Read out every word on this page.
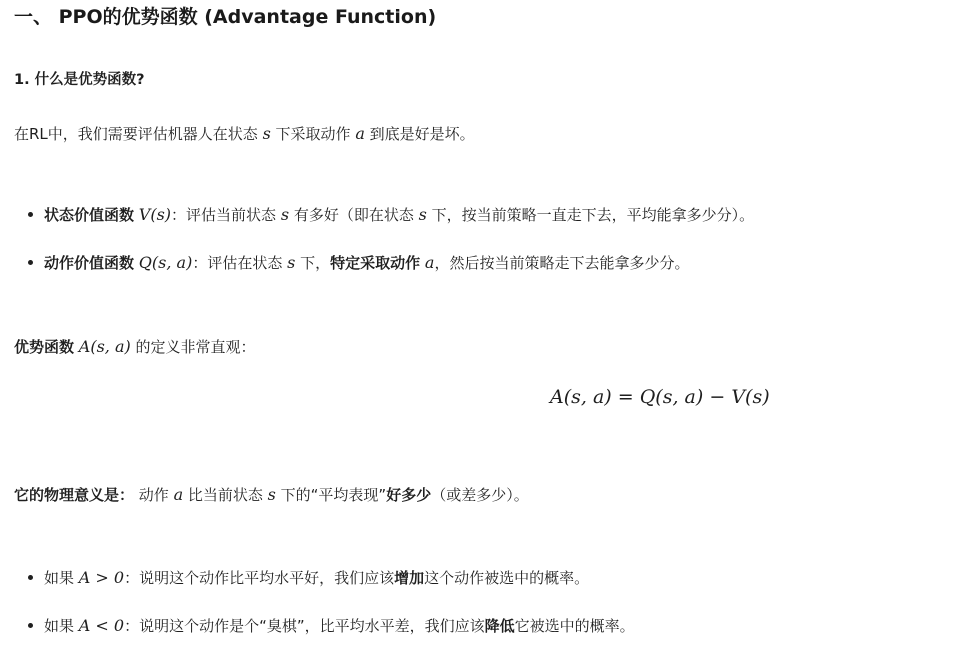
一、 PPO的优势函数 (Advantage Function)
1. 什么是优势函数?

在RL中，我们需要评估机器人在状态 s 下采取动作 a 到底是好是坏。

状态价值函数 V(s)：评估当前状态 s 有多好（即在状态 s 下，按当前策略一直走下去，平均能拿多少分）。

动作价值函数 Q(s, a)：评估在状态 s 下，特定采取动作 a，然后按当前策略走下去能拿多少分。

优势函数 A(s, a) 的定义非常直观：

A(s, a) = Q(s, a) − V(s)

它的物理意义是： 动作 a 比当前状态 s 下的“平均表现”好多少（或差多少）。

如果 A > 0：说明这个动作比平均水平好，我们应该增加这个动作被选中的概率。

如果 A < 0：说明这个动作是个“臭棋”，比平均水平差，我们应该降低它被选中的概率。
